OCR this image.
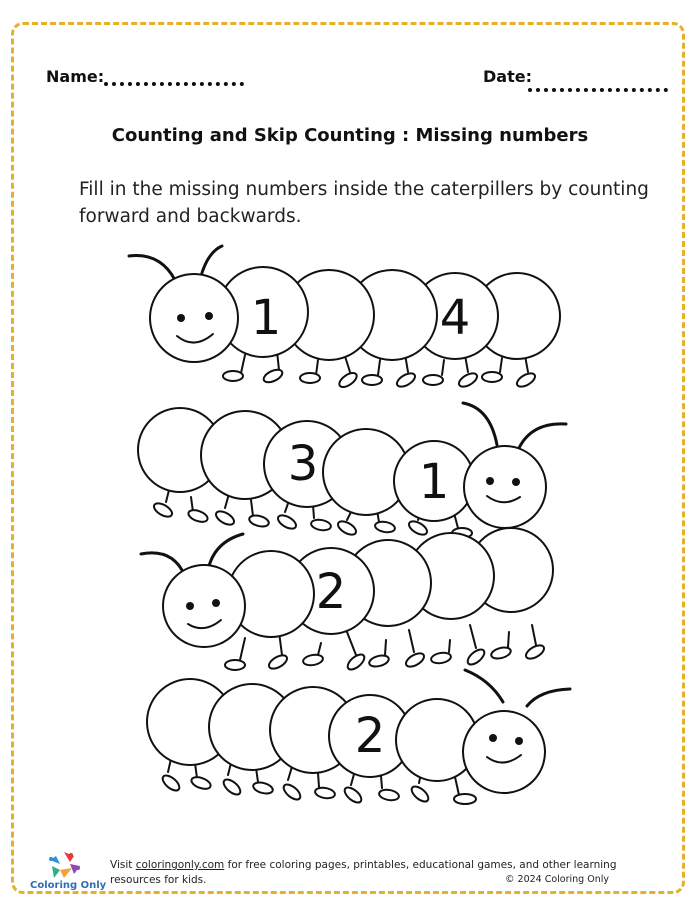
Name:	Date:
Counting and Skip Counting : Missing numbers
Fill in the missing numbers inside the caterpillers by counting forward and backwards.
1	4
3 1
2
2
Coloring Only
Visit coloringonly.com for free coloring pages, printables, educational games, and other learning resources for kids.	© 2024 Coloring Only
